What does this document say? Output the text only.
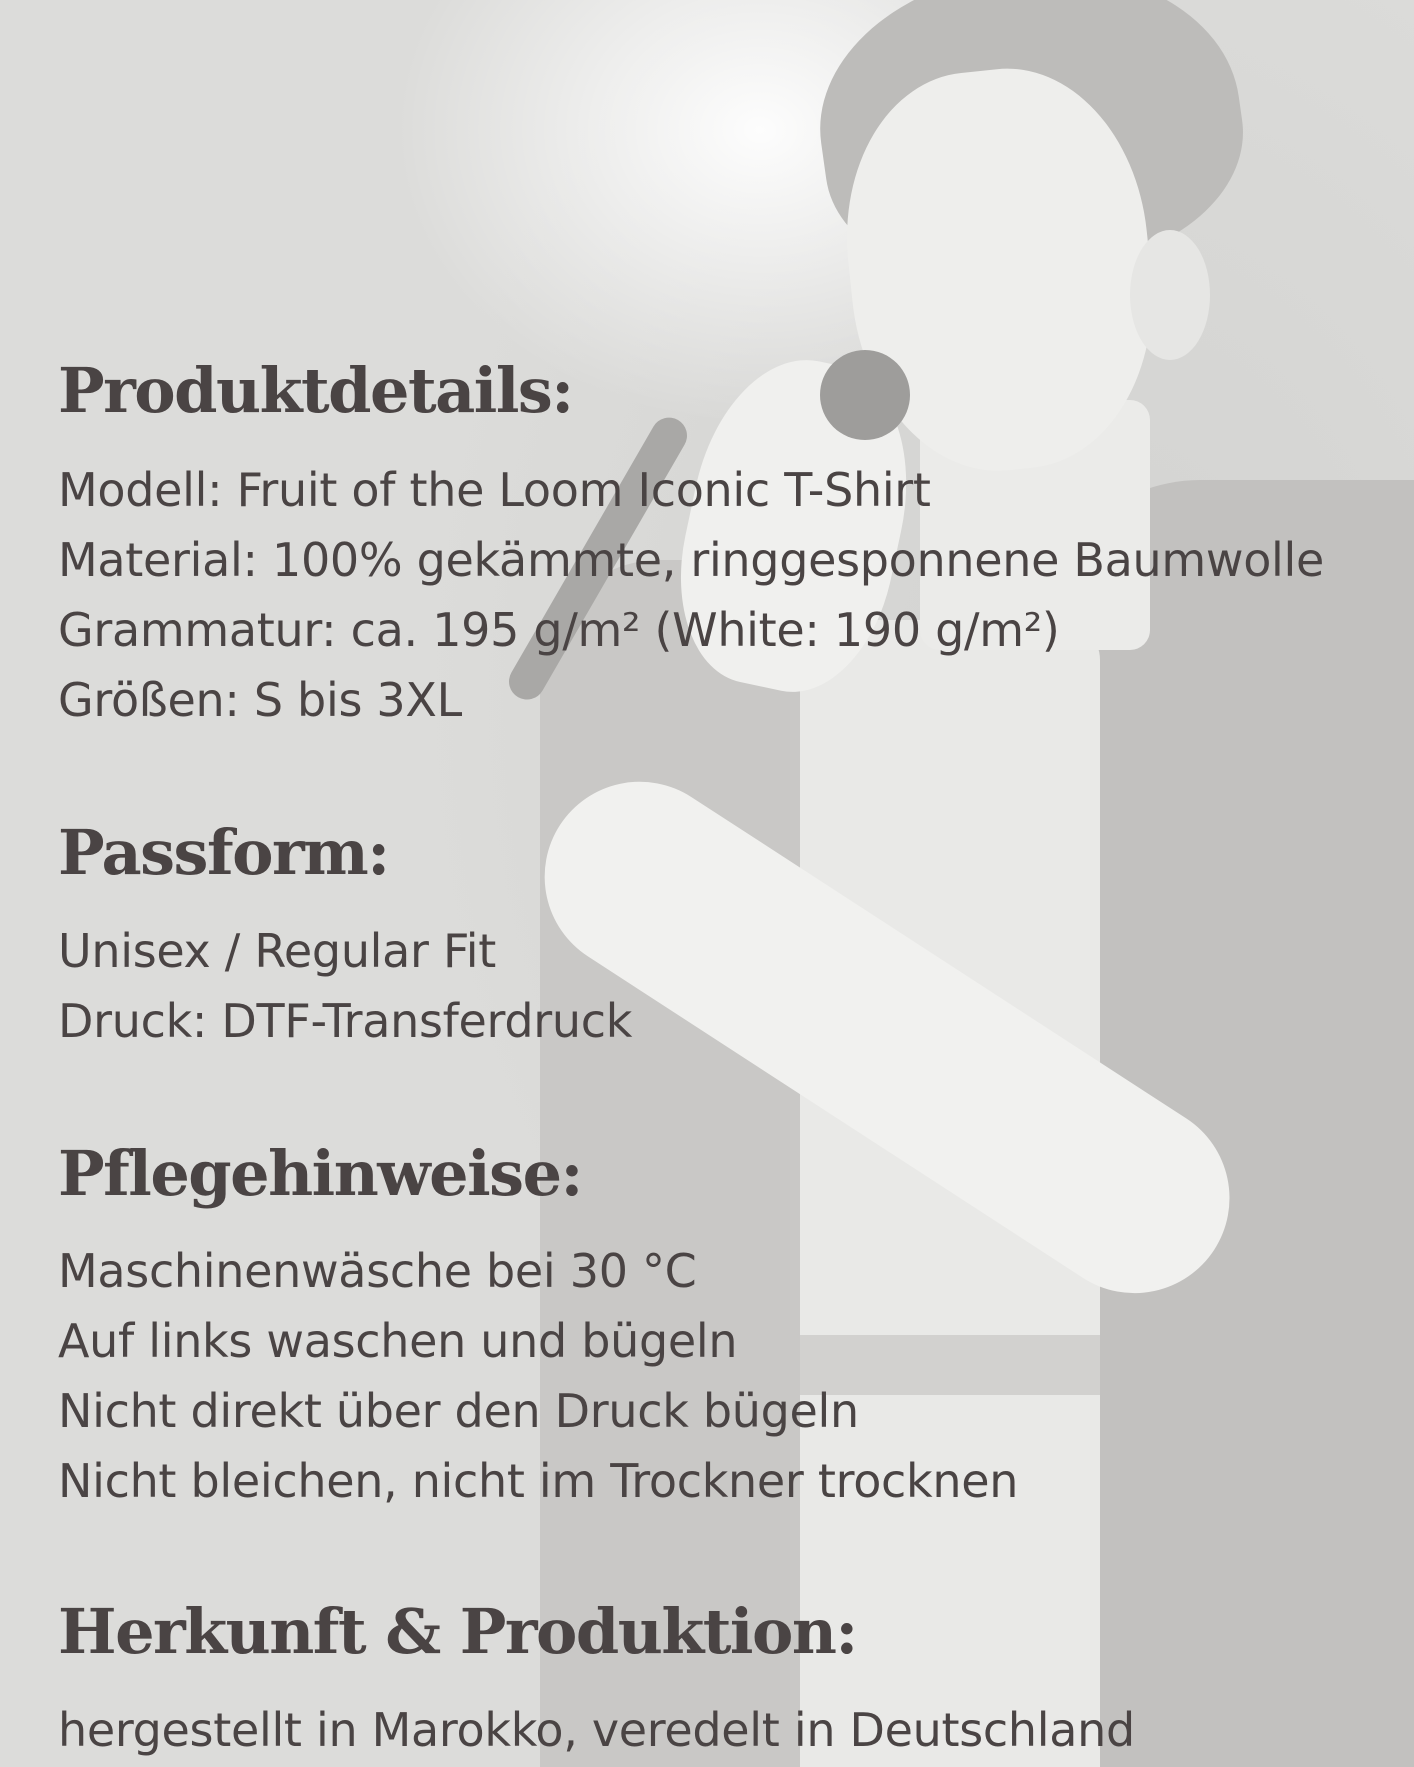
Produktdetails:
Modell: Fruit of the Loom Iconic T-Shirt
Material: 100% gekämmte, ringgesponnene Baumwolle
Grammatur: ca. 195 g/m² (White: 190 g/m²)
Größen: S bis 3XL
Passform:
Unisex / Regular Fit
Druck: DTF-Transferdruck
Pflegehinweise:
Maschinenwäsche bei 30 °C
Auf links waschen und bügeln
Nicht direkt über den Druck bügeln
Nicht bleichen, nicht im Trockner trocknen
Herkunft & Produktion:
hergestellt in Marokko, veredelt in Deutschland
